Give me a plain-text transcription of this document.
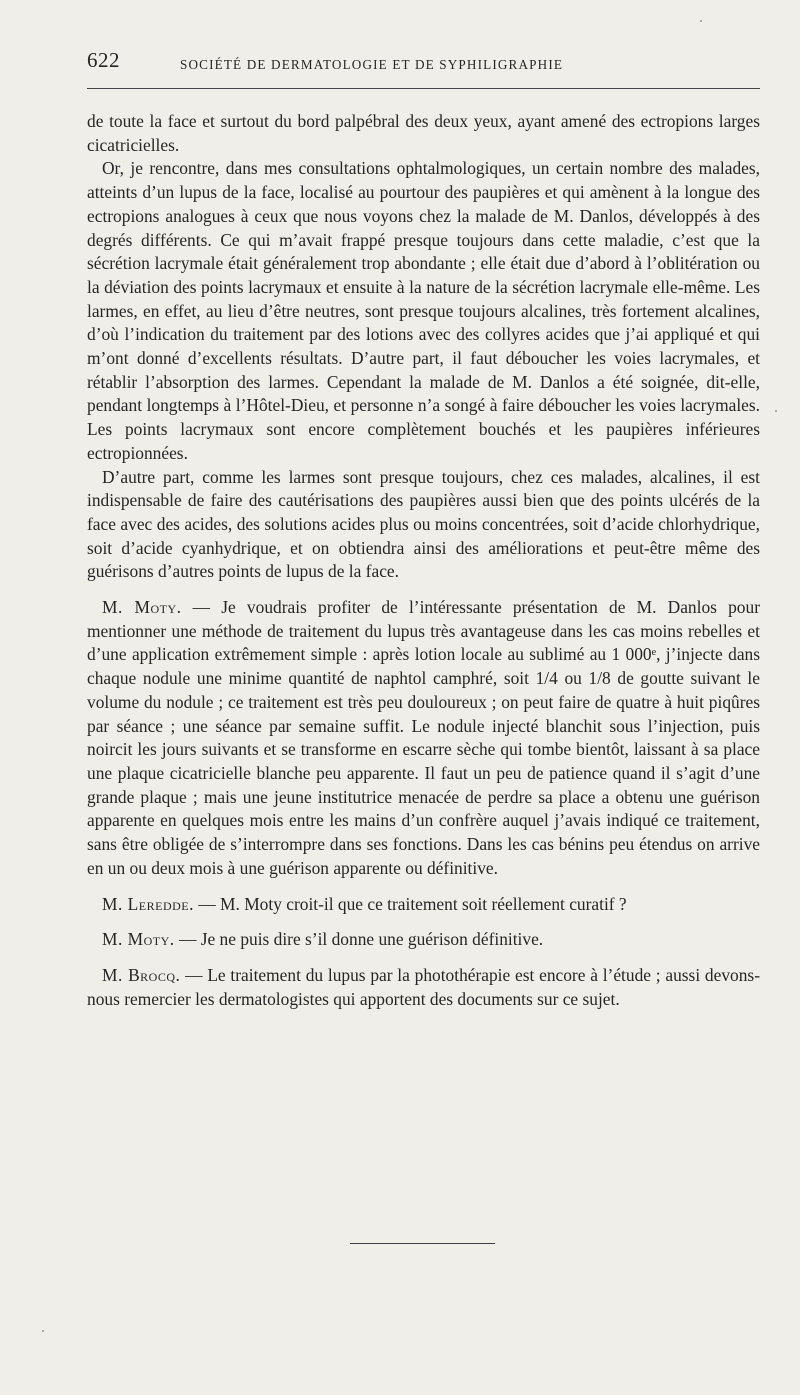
622	SOCIÉTÉ DE DERMATOLOGIE ET DE SYPHILIGRAPHIE

de toute la face et surtout du bord palpébral des deux yeux, ayant amené des ectropions larges cicatricielles.

Or, je rencontre, dans mes consultations ophtalmologiques, un certain nombre des malades, atteints d’un lupus de la face, localisé au pourtour des paupières et qui amènent à la longue des ectropions analogues à ceux que nous voyons chez la malade de M. Danlos, développés à des degrés différents. Ce qui m’avait frappé presque toujours dans cette maladie, c’est que la sécrétion lacrymale était généralement trop abondante ; elle était due d’abord à l’oblitération ou la déviation des points lacrymaux et ensuite à la nature de la sécrétion lacrymale elle-même. Les larmes, en effet, au lieu d’être neutres, sont presque toujours alcalines, très fortement alcalines, d’où l’indication du traitement par des lotions avec des collyres acides que j’ai appliqué et qui m’ont donné d’excellents résultats. D’autre part, il faut déboucher les voies lacrymales, et rétablir l’absorption des larmes. Cependant la malade de M. Danlos a été soignée, dit-elle, pendant longtemps à l’Hôtel-Dieu, et personne n’a songé à faire déboucher les voies lacrymales. Les points lacrymaux sont encore complètement bouchés et les paupières inférieures ectropionnées.

D’autre part, comme les larmes sont presque toujours, chez ces malades, alcalines, il est indispensable de faire des cautérisations des paupières aussi bien que des points ulcérés de la face avec des acides, des solutions acides plus ou moins concentrées, soit d’acide chlorhydrique, soit d’acide cyanhydrique, et on obtiendra ainsi des améliorations et peut-être même des guérisons d’autres points de lupus de la face.

M. Moty. — Je voudrais profiter de l’intéressante présentation de M. Danlos pour mentionner une méthode de traitement du lupus très avantageuse dans les cas moins rebelles et d’une application extrêmement simple : après lotion locale au sublimé au 1 000ᵉ, j’injecte dans chaque nodule une minime quantité de naphtol camphré, soit 1/4 ou 1/8 de goutte suivant le volume du nodule ; ce traitement est très peu douloureux ; on peut faire de quatre à huit piqûres par séance ; une séance par semaine suffit. Le nodule injecté blanchit sous l’injection, puis noircit les jours suivants et se transforme en escarre sèche qui tombe bientôt, laissant à sa place une plaque cicatricielle blanche peu apparente. Il faut un peu de patience quand il s’agit d’une grande plaque ; mais une jeune institutrice menacée de perdre sa place a obtenu une guérison apparente en quelques mois entre les mains d’un confrère auquel j’avais indiqué ce traitement, sans être obligée de s’interrompre dans ses fonctions. Dans les cas bénins peu étendus on arrive en un ou deux mois à une guérison apparente ou définitive.

M. Leredde. — M. Moty croit-il que ce traitement soit réellement curatif ?

M. Moty. — Je ne puis dire s’il donne une guérison définitive.

M. Brocq. — Le traitement du lupus par la photothérapie est encore à l’étude ; aussi devons-nous remercier les dermatologistes qui apportent des documents sur ce sujet.
